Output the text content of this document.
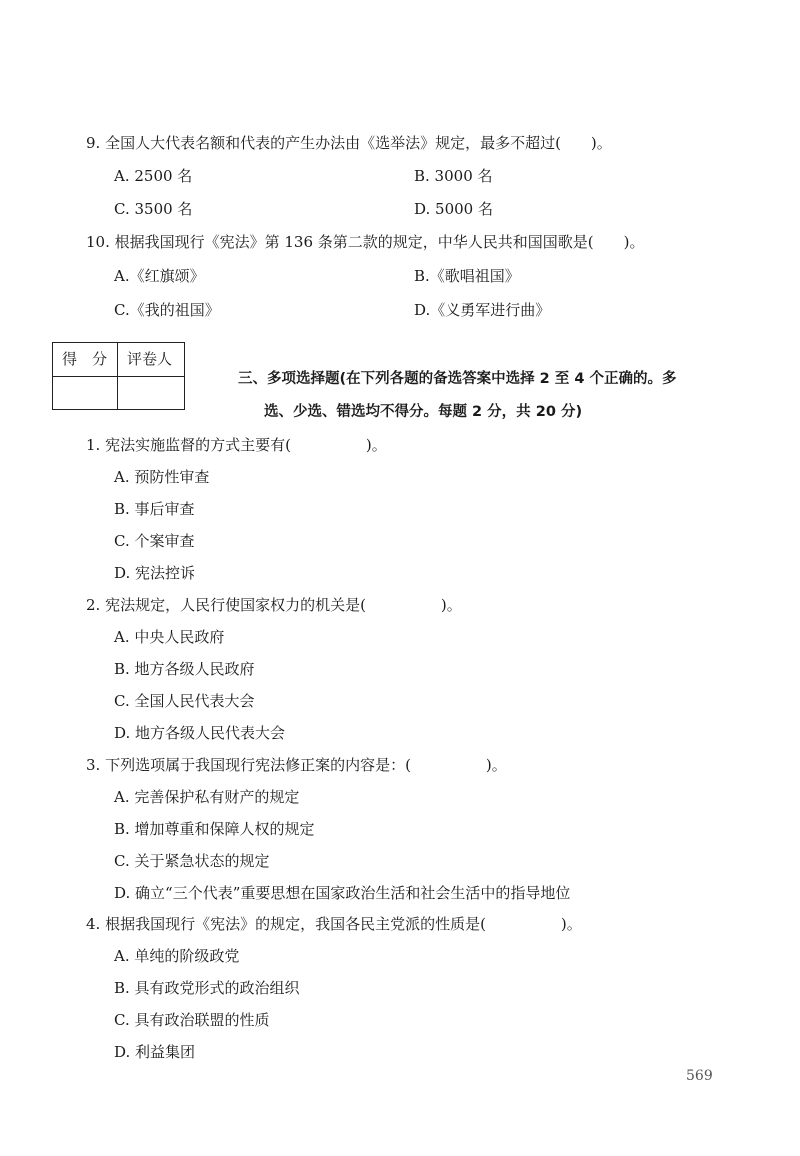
9. 全国人大代表名额和代表的产生办法由《选举法》规定，最多不超过(　　)。
A. 2500 名	B. 3000 名
C. 3500 名	D. 5000 名
10. 根据我国现行《宪法》第 136 条第二款的规定，中华人民共和国国歌是(　　)。
A.《红旗颂》	B.《歌唱祖国》
C.《我的祖国》	D.《义勇军进行曲》
得　分 评卷人
三、多项选择题(在下列各题的备选答案中选择 2 至 4 个正确的。多
选、少选、错选均不得分。每题 2 分，共 20 分)
1. 宪法实施监督的方式主要有(　　　　　)。
A. 预防性审查
B. 事后审查
C. 个案审查
D. 宪法控诉
2. 宪法规定，人民行使国家权力的机关是(　　　　　)。
A. 中央人民政府
B. 地方各级人民政府
C. 全国人民代表大会
D. 地方各级人民代表大会
3. 下列选项属于我国现行宪法修正案的内容是：(　　　　　)。
A. 完善保护私有财产的规定
B. 增加尊重和保障人权的规定
C. 关于紧急状态的规定
D. 确立“三个代表”重要思想在国家政治生活和社会生活中的指导地位
4. 根据我国现行《宪法》的规定，我国各民主党派的性质是(　　　　　)。
A. 单纯的阶级政党
B. 具有政党形式的政治组织
C. 具有政治联盟的性质
D. 利益集团
569
